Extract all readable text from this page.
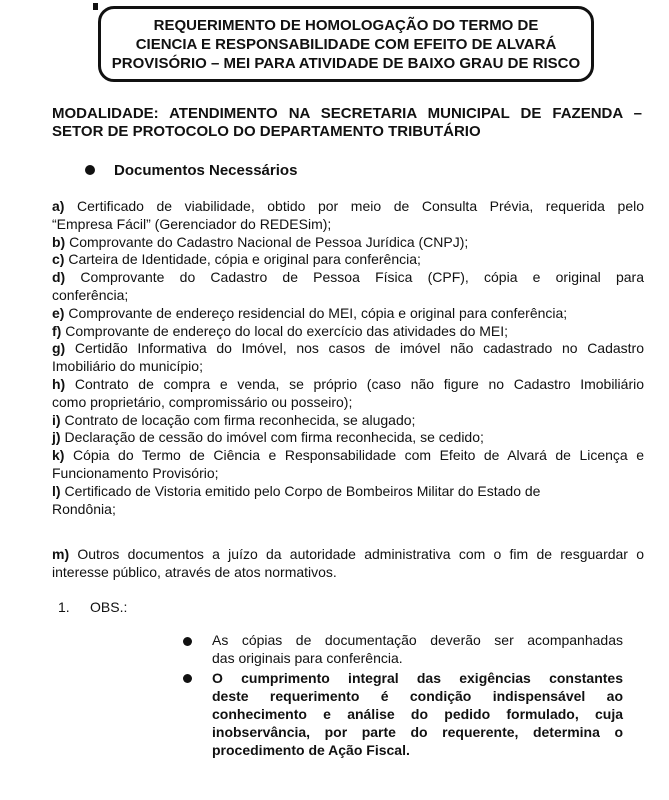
REQUERIMENTO DE HOMOLOGAÇÃO DO TERMO DE
CIENCIA E RESPONSABILIDADE COM EFEITO DE ALVARÁ
PROVISÓRIO – MEI PARA ATIVIDADE DE BAIXO GRAU DE RISCO
MODALIDADE: ATENDIMENTO NA SECRETARIA MUNICIPAL DE FAZENDA –
SETOR DE PROTOCOLO DO DEPARTAMENTO TRIBUTÁRIO
Documentos Necessários
a) Certificado de viabilidade, obtido por meio de Consulta Prévia, requerida pelo
“Empresa Fácil” (Gerenciador do REDESim);
b) Comprovante do Cadastro Nacional de Pessoa Jurídica (CNPJ);
c) Carteira de Identidade, cópia e original para conferência;
d) Comprovante do Cadastro de Pessoa Física (CPF), cópia e original para
conferência;
e) Comprovante de endereço residencial do MEI, cópia e original para conferência;
f) Comprovante de endereço do local do exercício das atividades do MEI;
g) Certidão Informativa do Imóvel, nos casos de imóvel não cadastrado no Cadastro
Imobiliário do município;
h) Contrato de compra e venda, se próprio (caso não figure no Cadastro Imobiliário
como proprietário, compromissário ou posseiro);
i) Contrato de locação com firma reconhecida, se alugado;
j) Declaração de cessão do imóvel com firma reconhecida, se cedido;
k) Cópia do Termo de Ciência e Responsabilidade com Efeito de Alvará de Licença e
Funcionamento Provisório;
l) Certificado de Vistoria emitido pelo Corpo de Bombeiros Militar do Estado de
Rondônia;
m) Outros documentos a juízo da autoridade administrativa com o fim de resguardar o
interesse público, através de atos normativos.
1.	OBS.:
As cópias de documentação deverão ser acompanhadas
das originais para conferência.
O cumprimento integral das exigências constantes
deste requerimento é condição indispensável ao
conhecimento e análise do pedido formulado, cuja
inobservância, por parte do requerente, determina o
procedimento de Ação Fiscal.
